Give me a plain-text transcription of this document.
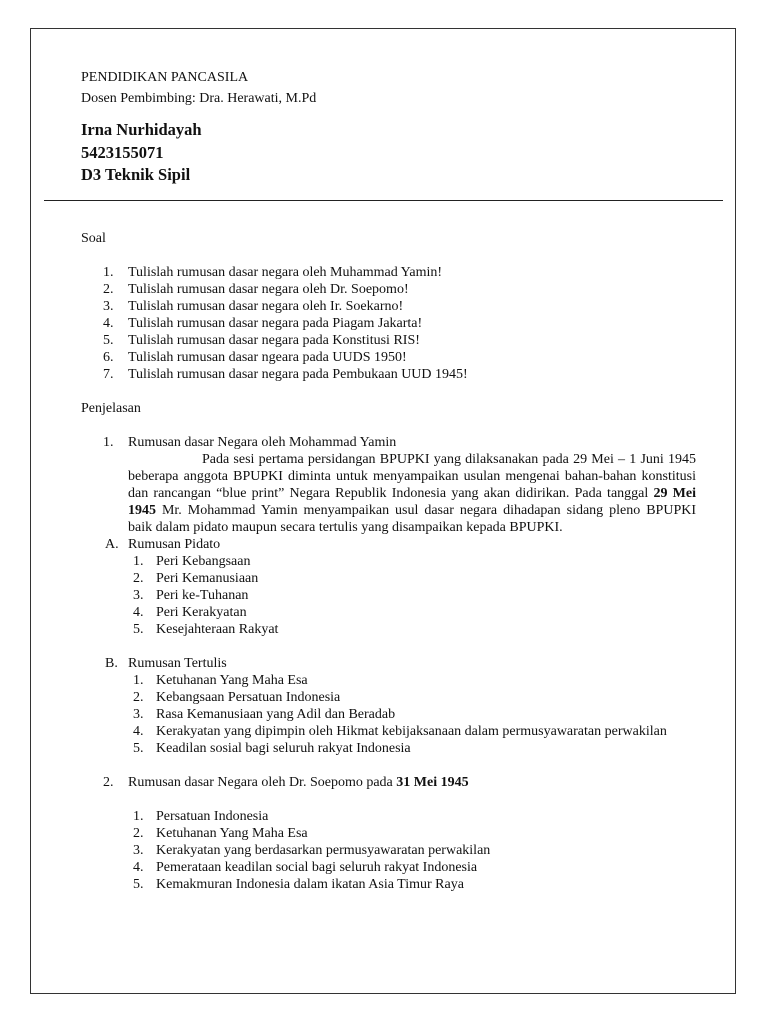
PENDIDIKAN PANCASILA
Dosen Pembimbing: Dra. Herawati, M.Pd
Irna Nurhidayah
5423155071
D3 Teknik Sipil

Soal

1. Tulislah rumusan dasar negara oleh Muhammad Yamin!
2. Tulislah rumusan dasar negara oleh Dr. Soepomo!
3. Tulislah rumusan dasar negara oleh Ir. Soekarno!
4. Tulislah rumusan dasar negara pada Piagam Jakarta!
5. Tulislah rumusan dasar negara pada Konstitusi RIS!
6. Tulislah rumusan dasar ngeara pada UUDS 1950!
7. Tulislah rumusan dasar negara pada Pembukaan UUD 1945!

Penjelasan

1. Rumusan dasar Negara oleh Mohammad Yamin

Pada sesi pertama persidangan BPUPKI yang dilaksanakan pada 29 Mei – 1 Juni 1945 beberapa anggota BPUPKI diminta untuk menyampaikan usulan mengenai bahan-bahan konstitusi dan rancangan “blue print” Negara Republik Indonesia yang akan didirikan. Pada tanggal 29 Mei 1945 Mr. Mohammad Yamin menyampaikan usul dasar negara dihadapan sidang pleno BPUPKI baik dalam pidato maupun secara tertulis yang disampaikan kepada BPUPKI.

A. Rumusan Pidato
1. Peri Kebangsaan
2. Peri Kemanusiaan
3. Peri ke-Tuhanan
4. Peri Kerakyatan
5. Kesejahteraan Rakyat
B. Rumusan Tertulis
1. Ketuhanan Yang Maha Esa
2. Kebangsaan Persatuan Indonesia
3. Rasa Kemanusiaan yang Adil dan Beradab
4. Kerakyatan yang dipimpin oleh Hikmat kebijaksanaan dalam permusyawaratan perwakilan
5. Keadilan sosial bagi seluruh rakyat Indonesia
2. Rumusan dasar Negara oleh Dr. Soepomo pada 31 Mei 1945
1. Persatuan Indonesia
2. Ketuhanan Yang Maha Esa
3. Kerakyatan yang berdasarkan permusyawaratan perwakilan
4. Pemerataan keadilan social bagi seluruh rakyat Indonesia
5. Kemakmuran Indonesia dalam ikatan Asia Timur Raya
